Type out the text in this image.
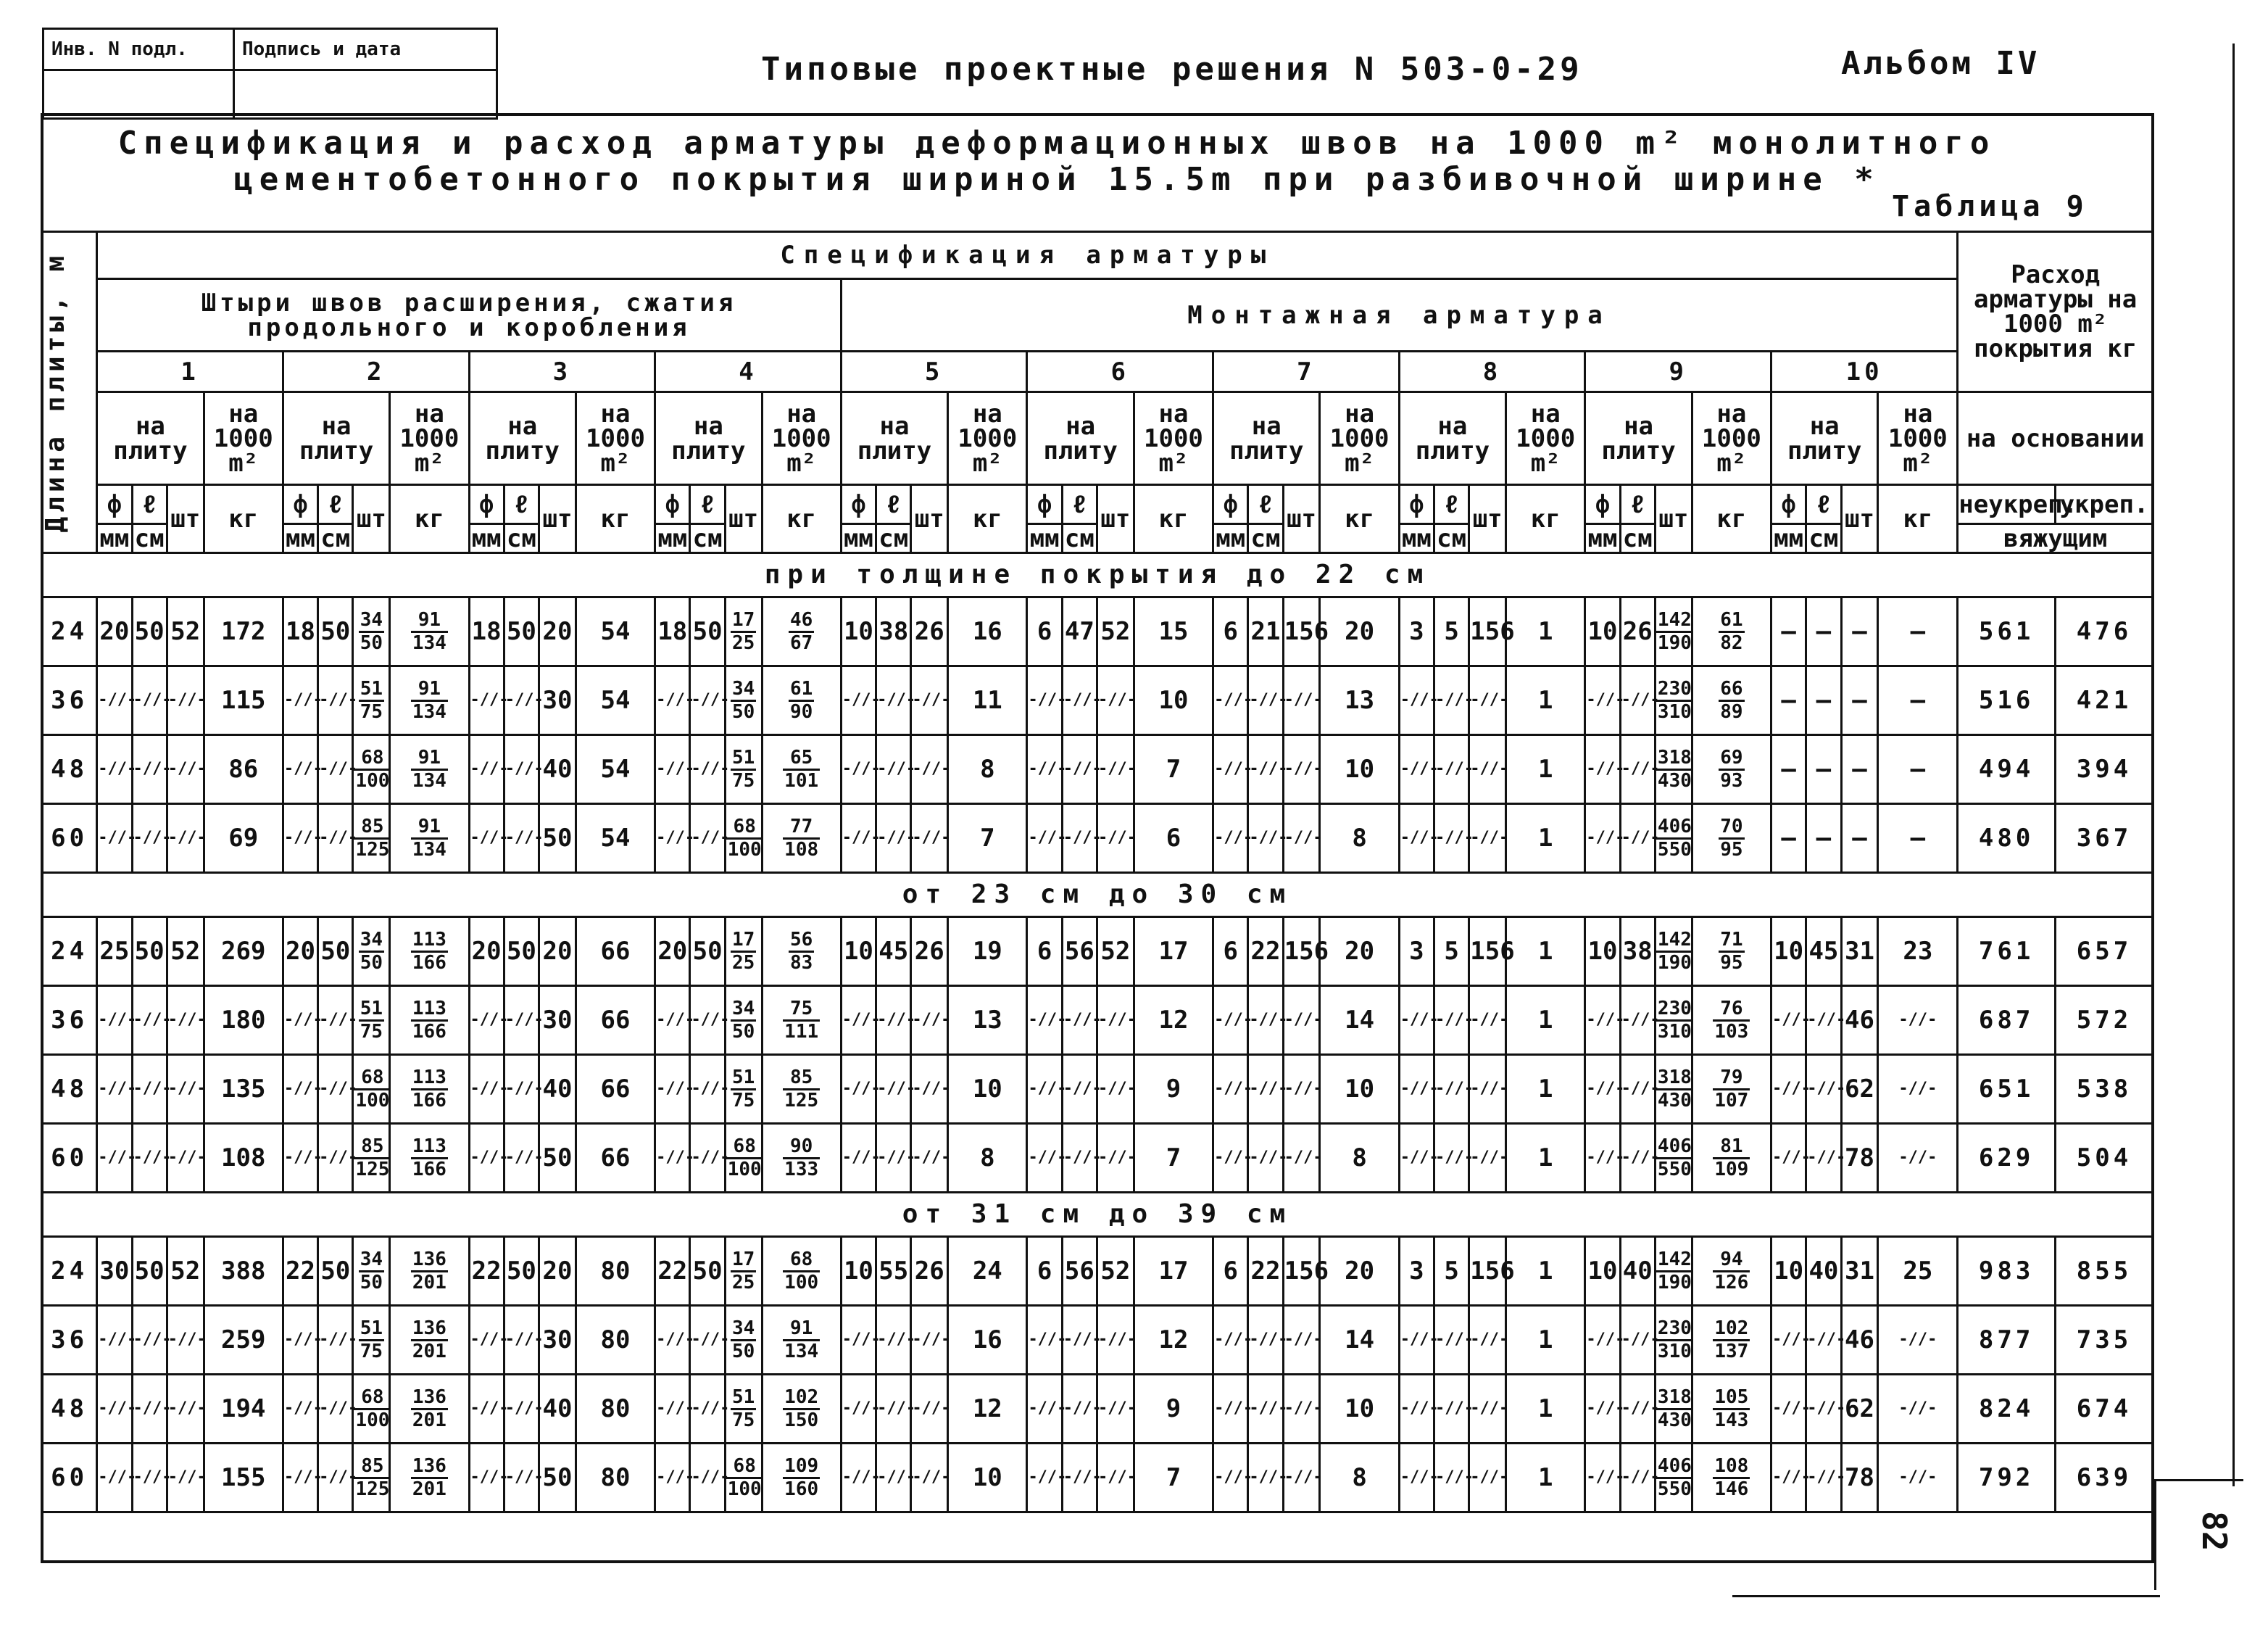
Инв. N подл.	Подпись и дата

Типовые проектные решения N 503-0-29	Альбом IV
Спецификация и расход арматуры деформационных швов на 1000 m² монолитного
цементобетонного покрытия шириной 15.5m при разбивочной ширине *
Таблица 9
Длина плиты, м	Спецификация арматуры																																								Расход арматуры на 1000 m² покрытия кг	
	Штыри швов расширения, сжатия продольного и коробления																Монтажная арматура																									
	1				2				3				4				5				6				7				8				9				10					
	на плиту			на 1000 m²	на плиту			на 1000 m²	на плиту			на 1000 m²	на плиту			на 1000 m²	на плиту			на 1000 m²	на плиту			на 1000 m²	на плиту			на 1000 m²	на плиту			на 1000 m²	на плиту			на 1000 m²	на плиту			на 1000 m²	на основании	
	ф	ℓ	шт	кг	ф	ℓ	шт	кг	ф	ℓ	шт	кг	ф	ℓ	шт	кг	ф	ℓ	шт	кг	ф	ℓ	шт	кг	ф	ℓ	шт	кг	ф	ℓ	шт	кг	ф	ℓ	шт	кг	ф	ℓ	шт	кг	неукреп.	укреп.
	мм	см			мм	см			мм	см			мм	см			мм	см			мм	см			мм	см			мм	см			мм	см			мм	см			вяжущим	
при толщине покрытия до 22 см																																										
24	20	50	52	172	18	50	$\frac{34}{50}$	$\frac{91}{134}$	18	50	20	54	18	50	$\frac{17}{25}$	$\frac{46}{67}$	10	38	26	16	6	47	52	15	6	21	156	20	3	5	156	1	10	26	$\frac{142}{190}$	$\frac{61}{82}$	—	—	—	—	561	476
36	-//-	-//-	-//-	115	-//-	-//-	$\frac{51}{75}$	$\frac{91}{134}$	-//-	-//-	30	54	-//-	-//-	$\frac{34}{50}$	$\frac{61}{90}$	-//-	-//-	-//-	11	-//-	-//-	-//-	10	-//-	-//-	-//-	13	-//-	-//-	-//-	1	-//-	-//-	$\frac{230}{310}$	$\frac{66}{89}$	—	—	—	—	516	421
48	-//-	-//-	-//-	86	-//-	-//-	$\frac{68}{100}$	$\frac{91}{134}$	-//-	-//-	40	54	-//-	-//-	$\frac{51}{75}$	$\frac{65}{101}$	-//-	-//-	-//-	8	-//-	-//-	-//-	7	-//-	-//-	-//-	10	-//-	-//-	-//-	1	-//-	-//-	$\frac{318}{430}$	$\frac{69}{93}$	—	—	—	—	494	394
60	-//-	-//-	-//-	69	-//-	-//-	$\frac{85}{125}$	$\frac{91}{134}$	-//-	-//-	50	54	-//-	-//-	$\frac{68}{100}$	$\frac{77}{108}$	-//-	-//-	-//-	7	-//-	-//-	-//-	6	-//-	-//-	-//-	8	-//-	-//-	-//-	1	-//-	-//-	$\frac{406}{550}$	$\frac{70}{95}$	—	—	—	—	480	367
от 23 см до 30 см																																										
24	25	50	52	269	20	50	$\frac{34}{50}$	$\frac{113}{166}$	20	50	20	66	20	50	$\frac{17}{25}$	$\frac{56}{83}$	10	45	26	19	6	56	52	17	6	22	156	20	3	5	156	1	10	38	$\frac{142}{190}$	$\frac{71}{95}$	10	45	31	23	761	657
36	-//-	-//-	-//-	180	-//-	-//-	$\frac{51}{75}$	$\frac{113}{166}$	-//-	-//-	30	66	-//-	-//-	$\frac{34}{50}$	$\frac{75}{111}$	-//-	-//-	-//-	13	-//-	-//-	-//-	12	-//-	-//-	-//-	14	-//-	-//-	-//-	1	-//-	-//-	$\frac{230}{310}$	$\frac{76}{103}$	-//-	-//-	46	-//-	687	572
48	-//-	-//-	-//-	135	-//-	-//-	$\frac{68}{100}$	$\frac{113}{166}$	-//-	-//-	40	66	-//-	-//-	$\frac{51}{75}$	$\frac{85}{125}$	-//-	-//-	-//-	10	-//-	-//-	-//-	9	-//-	-//-	-//-	10	-//-	-//-	-//-	1	-//-	-//-	$\frac{318}{430}$	$\frac{79}{107}$	-//-	-//-	62	-//-	651	538
60	-//-	-//-	-//-	108	-//-	-//-	$\frac{85}{125}$	$\frac{113}{166}$	-//-	-//-	50	66	-//-	-//-	$\frac{68}{100}$	$\frac{90}{133}$	-//-	-//-	-//-	8	-//-	-//-	-//-	7	-//-	-//-	-//-	8	-//-	-//-	-//-	1	-//-	-//-	$\frac{406}{550}$	$\frac{81}{109}$	-//-	-//-	78	-//-	629	504
от 31 см до 39 см																																										
24	30	50	52	388	22	50	$\frac{34}{50}$	$\frac{136}{201}$	22	50	20	80	22	50	$\frac{17}{25}$	$\frac{68}{100}$	10	55	26	24	6	56	52	17	6	22	156	20	3	5	156	1	10	40	$\frac{142}{190}$	$\frac{94}{126}$	10	40	31	25	983	855
36	-//-	-//-	-//-	259	-//-	-//-	$\frac{51}{75}$	$\frac{136}{201}$	-//-	-//-	30	80	-//-	-//-	$\frac{34}{50}$	$\frac{91}{134}$	-//-	-//-	-//-	16	-//-	-//-	-//-	12	-//-	-//-	-//-	14	-//-	-//-	-//-	1	-//-	-//-	$\frac{230}{310}$	$\frac{102}{137}$	-//-	-//-	46	-//-	877	735
48	-//-	-//-	-//-	194	-//-	-//-	$\frac{68}{100}$	$\frac{136}{201}$	-//-	-//-	40	80	-//-	-//-	$\frac{51}{75}$	$\frac{102}{150}$	-//-	-//-	-//-	12	-//-	-//-	-//-	9	-//-	-//-	-//-	10	-//-	-//-	-//-	1	-//-	-//-	$\frac{318}{430}$	$\frac{105}{143}$	-//-	-//-	62	-//-	824	674
60	-//-	-//-	-//-	155	-//-	-//-	$\frac{85}{125}$	$\frac{136}{201}$	-//-	-//-	50	80	-//-	-//-	$\frac{68}{100}$	$\frac{109}{160}$	-//-	-//-	-//-	10	-//-	-//-	-//-	7	-//-	-//-	-//-	8	-//-	-//-	-//-	1	-//-	-//-	$\frac{406}{550}$	$\frac{108}{146}$	-//-	-//-	78	-//-	792	639
82
